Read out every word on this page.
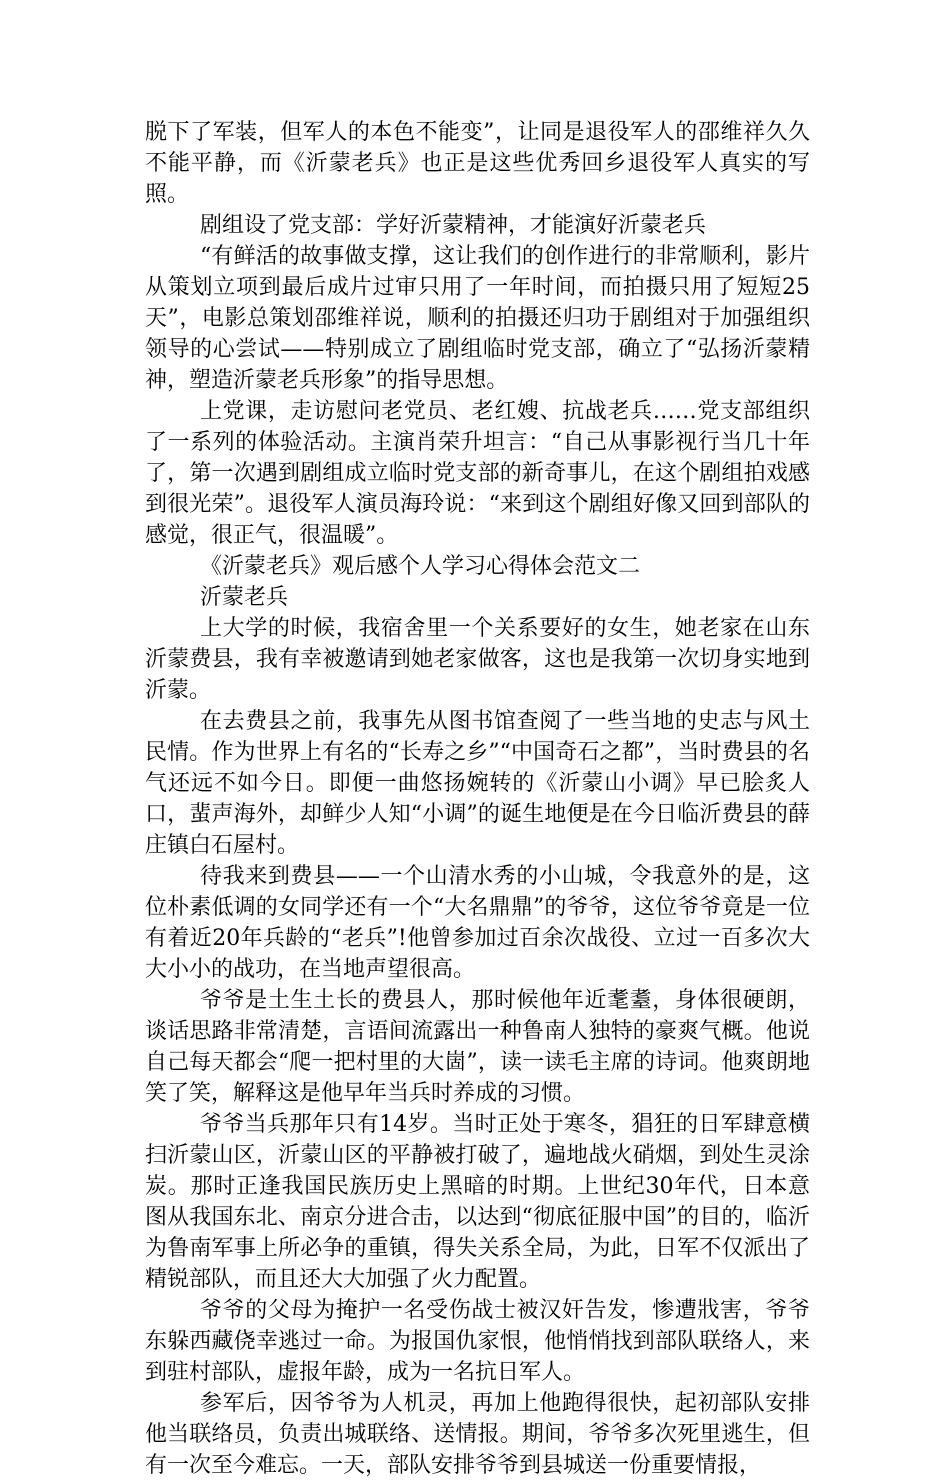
脱下了军装，但军人的本色不能变”，让同是退役军人的邵维祥久久不能平静，而《沂蒙老兵》也正是这些优秀回乡退役军人真实的写照。

剧组设了党支部：学好沂蒙精神，才能演好沂蒙老兵

“有鲜活的故事做支撑，这让我们的创作进行的非常顺利，影片从策划立项到最后成片过审只用了一年时间，而拍摄只用了短短25天”，电影总策划邵维祥说，顺利的拍摄还归功于剧组对于加强组织领导的心尝试——特别成立了剧组临时党支部，确立了“弘扬沂蒙精神，塑造沂蒙老兵形象”的指导思想。

上党课，走访慰问老党员、老红嫂、抗战老兵……党支部组织了一系列的体验活动。主演肖荣升坦言：“自己从事影视行当几十年了，第一次遇到剧组成立临时党支部的新奇事儿，在这个剧组拍戏感到很光荣”。退役军人演员海玲说：“来到这个剧组好像又回到部队的感觉，很正气，很温暖”。

《沂蒙老兵》观后感个人学习心得体会范文二

沂蒙老兵

上大学的时候，我宿舍里一个关系要好的女生，她老家在山东沂蒙费县，我有幸被邀请到她老家做客，这也是我第一次切身实地到沂蒙。

在去费县之前，我事先从图书馆查阅了一些当地的史志与风土民情。作为世界上有名的“长寿之乡”“中国奇石之都”，当时费县的名气还远不如今日。即便一曲悠扬婉转的《沂蒙山小调》早已脍炙人口，蜚声海外，却鲜少人知“小调”的诞生地便是在今日临沂费县的薛庄镇白石屋村。

待我来到费县——一个山清水秀的小山城，令我意外的是，这位朴素低调的女同学还有一个“大名鼎鼎”的爷爷，这位爷爷竟是一位有着近20年兵龄的“老兵”!他曾参加过百余次战役、立过一百多次大大小小的战功，在当地声望很高。

爷爷是土生土长的费县人，那时候他年近耄耋，身体很硬朗，谈话思路非常清楚，言语间流露出一种鲁南人独特的豪爽气概。他说自己每天都会“爬一把村里的大崮”，读一读毛主席的诗词。他爽朗地笑了笑，解释这是他早年当兵时养成的习惯。

爷爷当兵那年只有14岁。当时正处于寒冬，猖狂的日军肆意横扫沂蒙山区，沂蒙山区的平静被打破了，遍地战火硝烟，到处生灵涂炭。那时正逢我国民族历史上黑暗的时期。上世纪30年代，日本意图从我国东北、南京分进合击，以达到“彻底征服中国”的目的，临沂为鲁南军事上所必争的重镇，得失关系全局，为此，日军不仅派出了精锐部队，而且还大大加强了火力配置。

爷爷的父母为掩护一名受伤战士被汉奸告发，惨遭戕害，爷爷东躲西藏侥幸逃过一命。为报国仇家恨，他悄悄找到部队联络人，来到驻村部队，虚报年龄，成为一名抗日军人。

参军后，因爷爷为人机灵，再加上他跑得很快，起初部队安排他当联络员，负责出城联络、送情报。期间，爷爷多次死里逃生，但有一次至今难忘。一天，部队安排爷爷到县城送一份重要情报，
